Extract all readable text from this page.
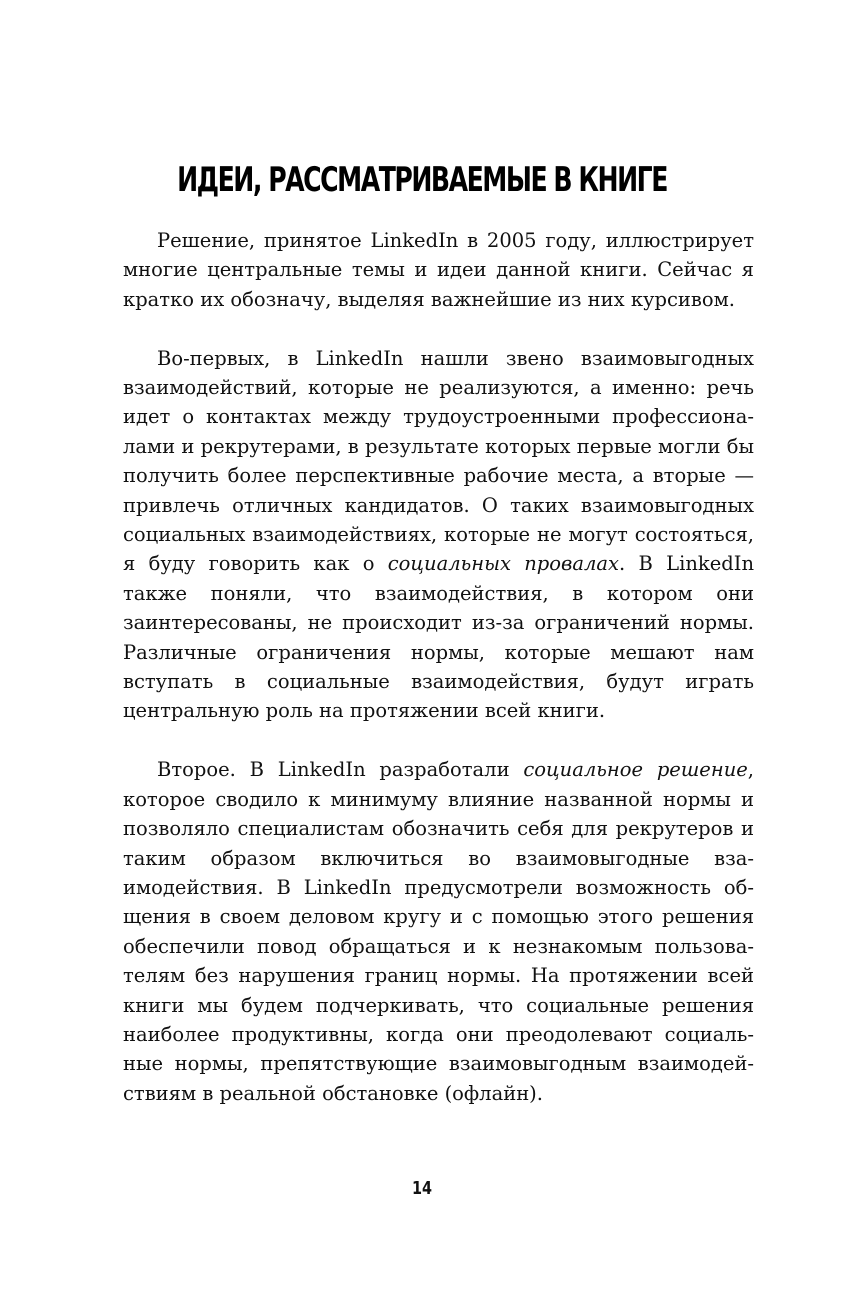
ИДЕИ, РАССМАТРИВАЕМЫЕ В КНИГЕ

Решение, принятое LinkedIn в 2005 году, иллюстрирует многие центральные темы и идеи данной книги. Сейчас я кратко их обозначу, выделяя важнейшие из них курсивом.

Во-первых, в LinkedIn нашли звено взаимовыгодных взаимодействий, которые не реализуются, а именно: речь идет о контактах между трудоустроенными профессионалами и рекрутерами, в результате которых первые могли бы получить более перспективные рабочие места, а вторые — привлечь отличных кандидатов. О таких взаимовыгодных социальных взаимодействиях, которые не могут состояться, я буду говорить как о социальных провалах. В LinkedIn также поняли, что взаимодействия, в котором они заинтересованы, не происходит из-за ограничений нормы. Различные ограничения нормы, которые мешают нам вступать в социальные взаимодействия, будут играть центральную роль на протяжении всей книги.

Второе. В LinkedIn разработали социальное решение, которое сводило к минимуму влияние названной нормы и позволяло специалистам обозначить себя для рекрутеров и таким образом включиться во взаимовыгодные взаимодействия. В LinkedIn предусмотрели возможность общения в своем деловом кругу и с помощью этого решения обеспечили повод обращаться и к незнакомым пользователям без нарушения границ нормы. На протяжении всей книги мы будем подчеркивать, что социальные решения наиболее продуктивны, когда они преодолевают социальные нормы, препятствующие взаимовыгодным взаимодействиям в реальной обстановке (офлайн).

14
